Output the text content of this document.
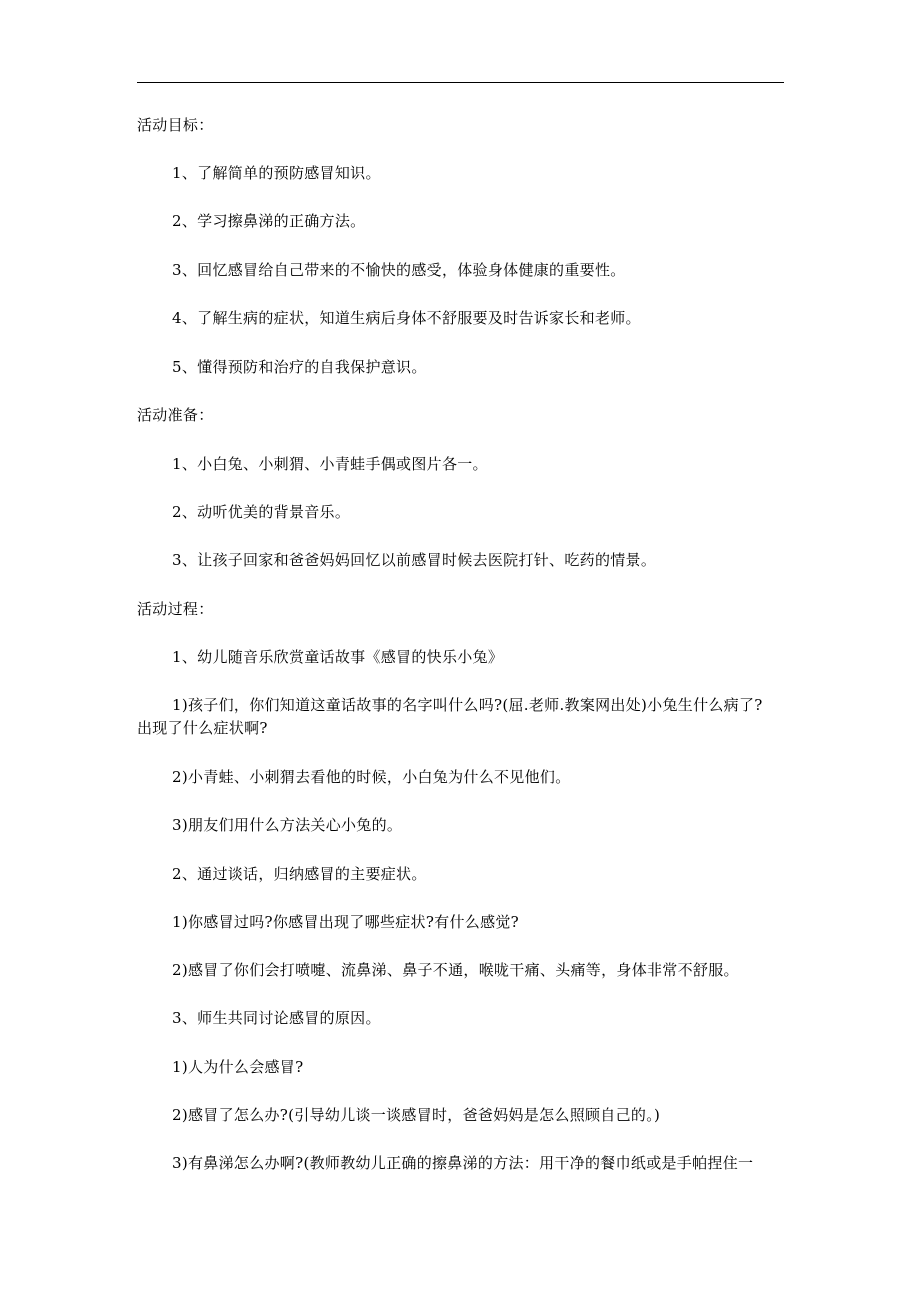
活动目标：
1、了解简单的预防感冒知识。
2、学习擦鼻涕的正确方法。
3、回忆感冒给自己带来的不愉快的感受，体验身体健康的重要性。
4、了解生病的症状，知道生病后身体不舒服要及时告诉家长和老师。
5、懂得预防和治疗的自我保护意识。
活动准备：
1、小白兔、小刺猬、小青蛙手偶或图片各一。
2、动听优美的背景音乐。
3、让孩子回家和爸爸妈妈回忆以前感冒时候去医院打针、吃药的情景。
活动过程：
1、幼儿随音乐欣赏童话故事《感冒的快乐小兔》
1)孩子们，你们知道这童话故事的名字叫什么吗?(屈.老师.教案网出处)小兔生什么病了?
出现了什么症状啊?
2)小青蛙、小刺猬去看他的时候，小白兔为什么不见他们。
3)朋友们用什么方法关心小兔的。
2、通过谈话，归纳感冒的主要症状。
1)你感冒过吗?你感冒出现了哪些症状?有什么感觉?
2)感冒了你们会打喷嚏、流鼻涕、鼻子不通，喉咙干痛、头痛等，身体非常不舒服。
3、师生共同讨论感冒的原因。
1)人为什么会感冒?
2)感冒了怎么办?(引导幼儿谈一谈感冒时，爸爸妈妈是怎么照顾自己的。)
3)有鼻涕怎么办啊?(教师教幼儿正确的擦鼻涕的方法：用干净的餐巾纸或是手帕捏住一
